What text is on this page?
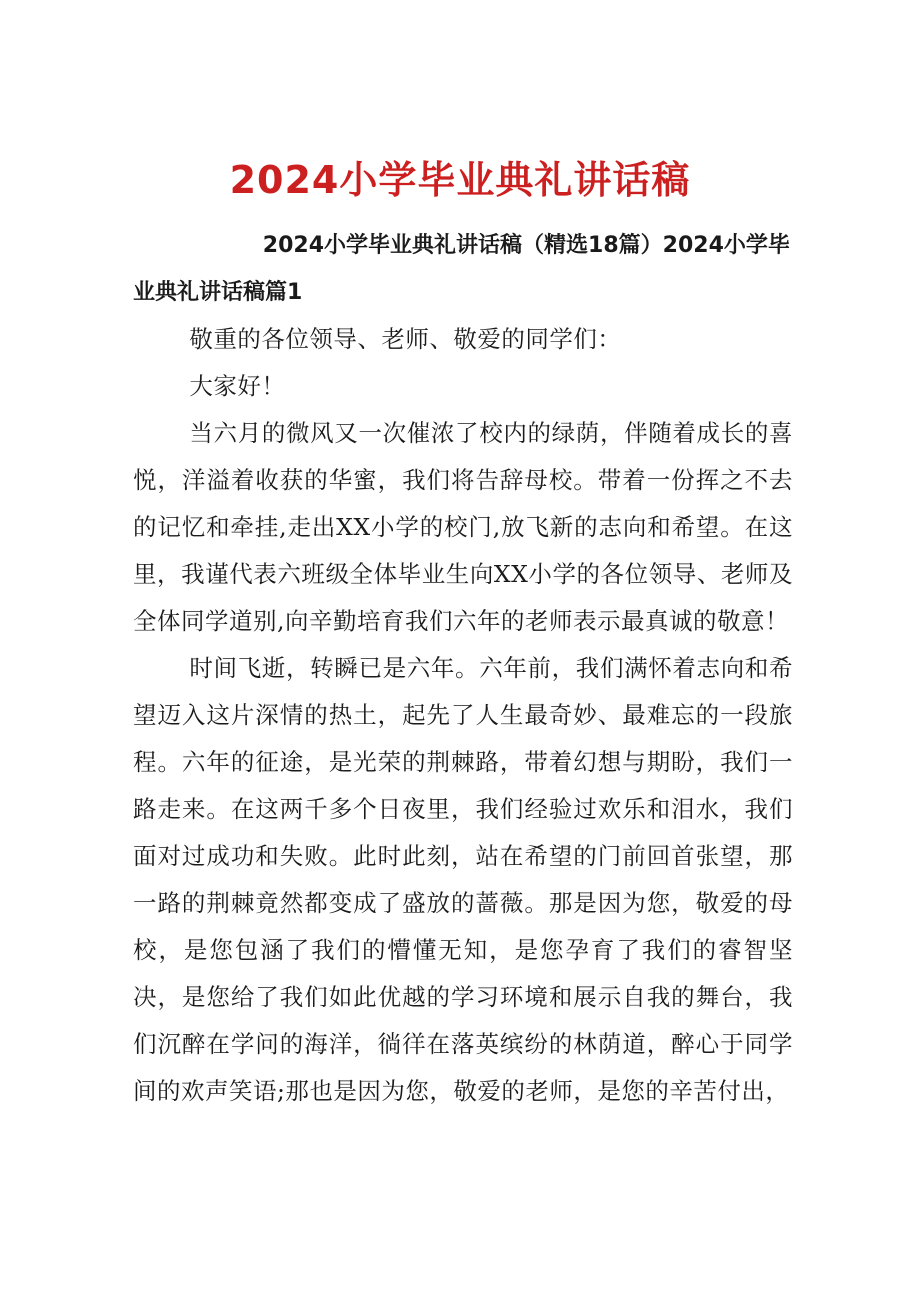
2024小学毕业典礼讲话稿

2024小学毕业典礼讲话稿（精选18篇）2024小学毕业典礼讲话稿篇1

敬重的各位领导、老师、敬爱的同学们：

大家好！

当六月的微风又一次催浓了校内的绿荫，伴随着成长的喜悦，洋溢着收获的华蜜，我们将告辞母校。带着一份挥之不去的记忆和牵挂,走出XX小学的校门,放飞新的志向和希望。在这里，我谨代表六班级全体毕业生向XX小学的各位领导、老师及全体同学道别,向辛勤培育我们六年的老师表示最真诚的敬意！

时间飞逝，转瞬已是六年。六年前，我们满怀着志向和希望迈入这片深情的热土，起先了人生最奇妙、最难忘的一段旅程。六年的征途，是光荣的荆棘路，带着幻想与期盼，我们一路走来。在这两千多个日夜里，我们经验过欢乐和泪水，我们面对过成功和失败。此时此刻，站在希望的门前回首张望，那一路的荆棘竟然都变成了盛放的蔷薇。那是因为您，敬爱的母校，是您包涵了我们的懵懂无知，是您孕育了我们的睿智坚决，是您给了我们如此优越的学习环境和展示自我的舞台，我们沉醉在学问的海洋，徜徉在落英缤纷的林荫道，醉心于同学间的欢声笑语;那也是因为您，敬爱的老师，是您的辛苦付出，
